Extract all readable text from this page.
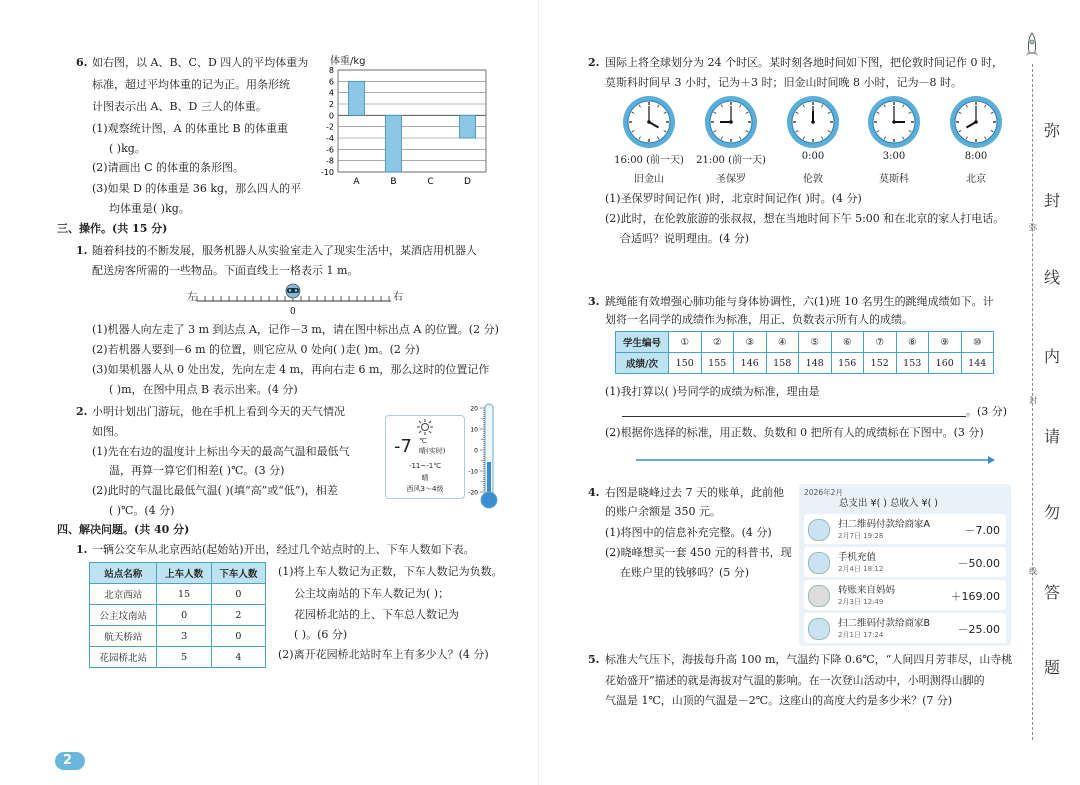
6. 如右图，以 A、B、C、D 四人的平均体重为
标准，超过平均体重的记为正。用条形统
计图表示出 A、B、D 三人的体重。
(1)观察统计图，A 的体重比 B 的体重重
( )kg。
(2)请画出 C 的体重的条形图。
(3)如果 D 的体重是 36 kg，那么四人的平
均体重是( )kg。
体重/kg
8
6
4
2
0
-2
-4
-6
-8
-10
A	B	C	D
三、操作。(共 15 分)
1. 随着科技的不断发展，服务机器人从实验室走入了现实生活中，某酒店用机器人
配送房客所需的一些物品。下面直线上一格表示 1 m。
左	右
0
(1)机器人向左走了 3 m 到达点 A，记作－3 m，请在图中标出点 A 的位置。(2 分)
(2)若机器人要到－6 m 的位置，则它应从 0 处向( )走( )m。(2 分)
(3)如果机器人从 0 处出发，先向左走 4 m，再向右走 6 m，那么这时的位置记作
( )m，在图中用点 B 表示出来。(4 分)
2. 小明计划出门游玩，他在手机上看到今天的天气情况
如图。
(1)先在右边的温度计上标出今天的最高气温和最低气
温，再算一算它们相差( )℃。(3 分)
(2)此时的气温比最低气温( )(填“高”或“低”)，相差
( )℃。(4 分)
-7 ℃
晴(实时)
-11~-1℃
晴
西风3～4级
20
10
0
-10
-20
四、解决问题。(共 40 分)
1. 一辆公交车从北京西站(起始站)开出，经过几个站点时的上、下车人数如下表。
站点名称	上车人数	下车人数
北京西站	15	0
公主坟南站	0	2
航天桥站	3	0
花园桥北站	5	4
(1)将上车人数记为正数，下车人数记为负数。
公主坟南站的下车人数记为( )；
花园桥北站的上、下车总人数记为
( )。(6 分)
(2)离开花园桥北站时车上有多少人？(4 分)
2
2. 国际上将全球划分为 24 个时区。某时刻各地时间如下图，把伦敦时间记作 0 时，
莫斯科时间早 3 小时，记为＋3 时；旧金山时间晚 8 小时，记为－8 时。
16:00 (前一天)
旧金山
21:00 (前一天)
圣保罗
0:00
伦敦
3:00
莫斯科
8:00
北京
(1)圣保罗时间记作( )时，北京时间记作( )时。(4 分)
(2)此时，在伦敦旅游的张叔叔，想在当地时间下午 5:00 和在北京的家人打电话。
合适吗？说明理由。(4 分)
3. 跳绳能有效增强心肺功能与身体协调性，六(1)班 10 名男生的跳绳成绩如下。计
划将一名同学的成绩作为标准，用正、负数表示所有人的成绩。
学生编号	①	②	③	④	⑤	⑥	⑦	⑧	⑨	⑩
成绩/次	150	155	146	158	148	156	152	153	160	144
(1)我打算以( )号同学的成绩为标准，理由是
。(3 分)
(2)根据你选择的标准，用正数、负数和 0 把所有人的成绩标在下图中。(3 分)
4. 右图是晓峰过去 7 天的账单，此前他
的账户余额是 350 元。
(1)将图中的信息补充完整。(4 分)
(2)晓峰想买一套 450 元的科普书，现
在账户里的钱够吗？(5 分)
2026年2月
总支出 ¥( ) 总收入 ¥( )
扫二维码付款给商家A
2月7日 19:28	－7.00
手机充值
2月4日 18:12	－50.00
转账来自妈妈
2月3日 12:49	＋169.00
扫二维码付款给商家B
2月1日 17:24	－25.00
5. 标准大气压下，海拔每升高 100 m，气温约下降 0.6℃，“人间四月芳菲尽，山寺桃
花始盛开”描述的就是海拔对气温的影响。在一次登山活动中，小明测得山脚的
气温是 1℃，山顶的气温是－2℃。这座山的高度大约是多少米？(7 分)
弥
封
线
内
请
勿
答
题
弥
封
线
